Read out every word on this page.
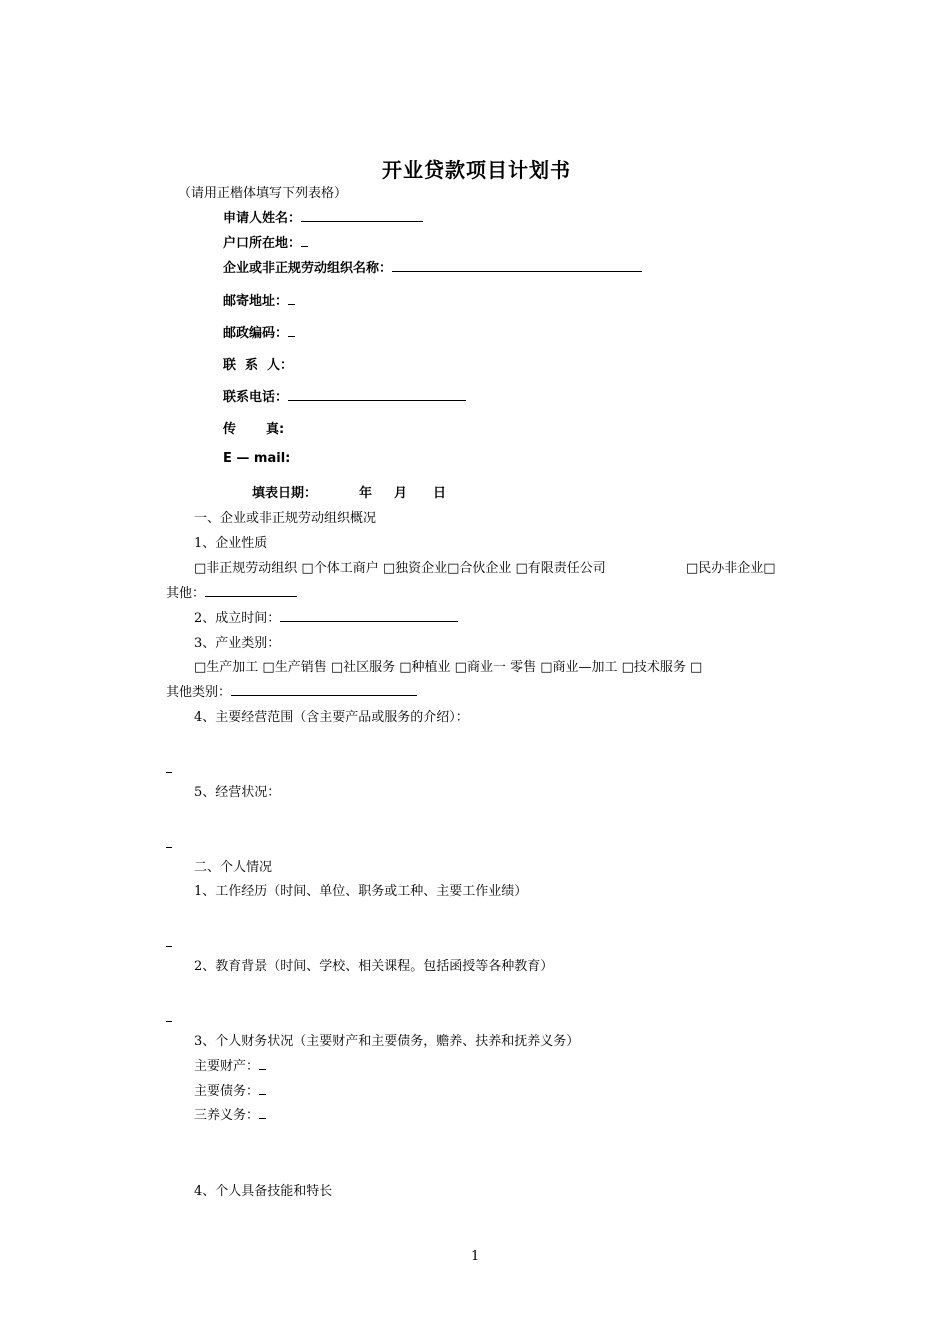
开业贷款项目计划书
（请用正楷体填写下列表格）
申请人姓名：
户口所在地：
企业或非正规劳动组织名称：
邮寄地址：
邮政编码：
联 系 人：
联系电话：
传 真:
E — mail:
填表日期：	年 月 日
一、企业或非正规劳动组织概况
1、企业性质
□非正规劳动组织 □个体工商户 □独资企业□合伙企业 □有限责任公司	□民办非企业□
其他：
2、成立时间：
3、产业类别：
□生产加工 □生产销售 □社区服务 □种植业 □商业一 零售 □商业—加工 □技术服务 □
其他类别：
4、主要经营范围（含主要产品或服务的介绍）：
5、经营状况：
二、个人情况
1、工作经历（时间、单位、职务或工种、主要工作业绩）
2、教育背景（时间、学校、相关课程。包括函授等各种教育）
3、个人财务状况（主要财产和主要债务，赡养、扶养和抚养义务）
主要财产：
主要债务：
三养义务：
4、个人具备技能和特长
1
